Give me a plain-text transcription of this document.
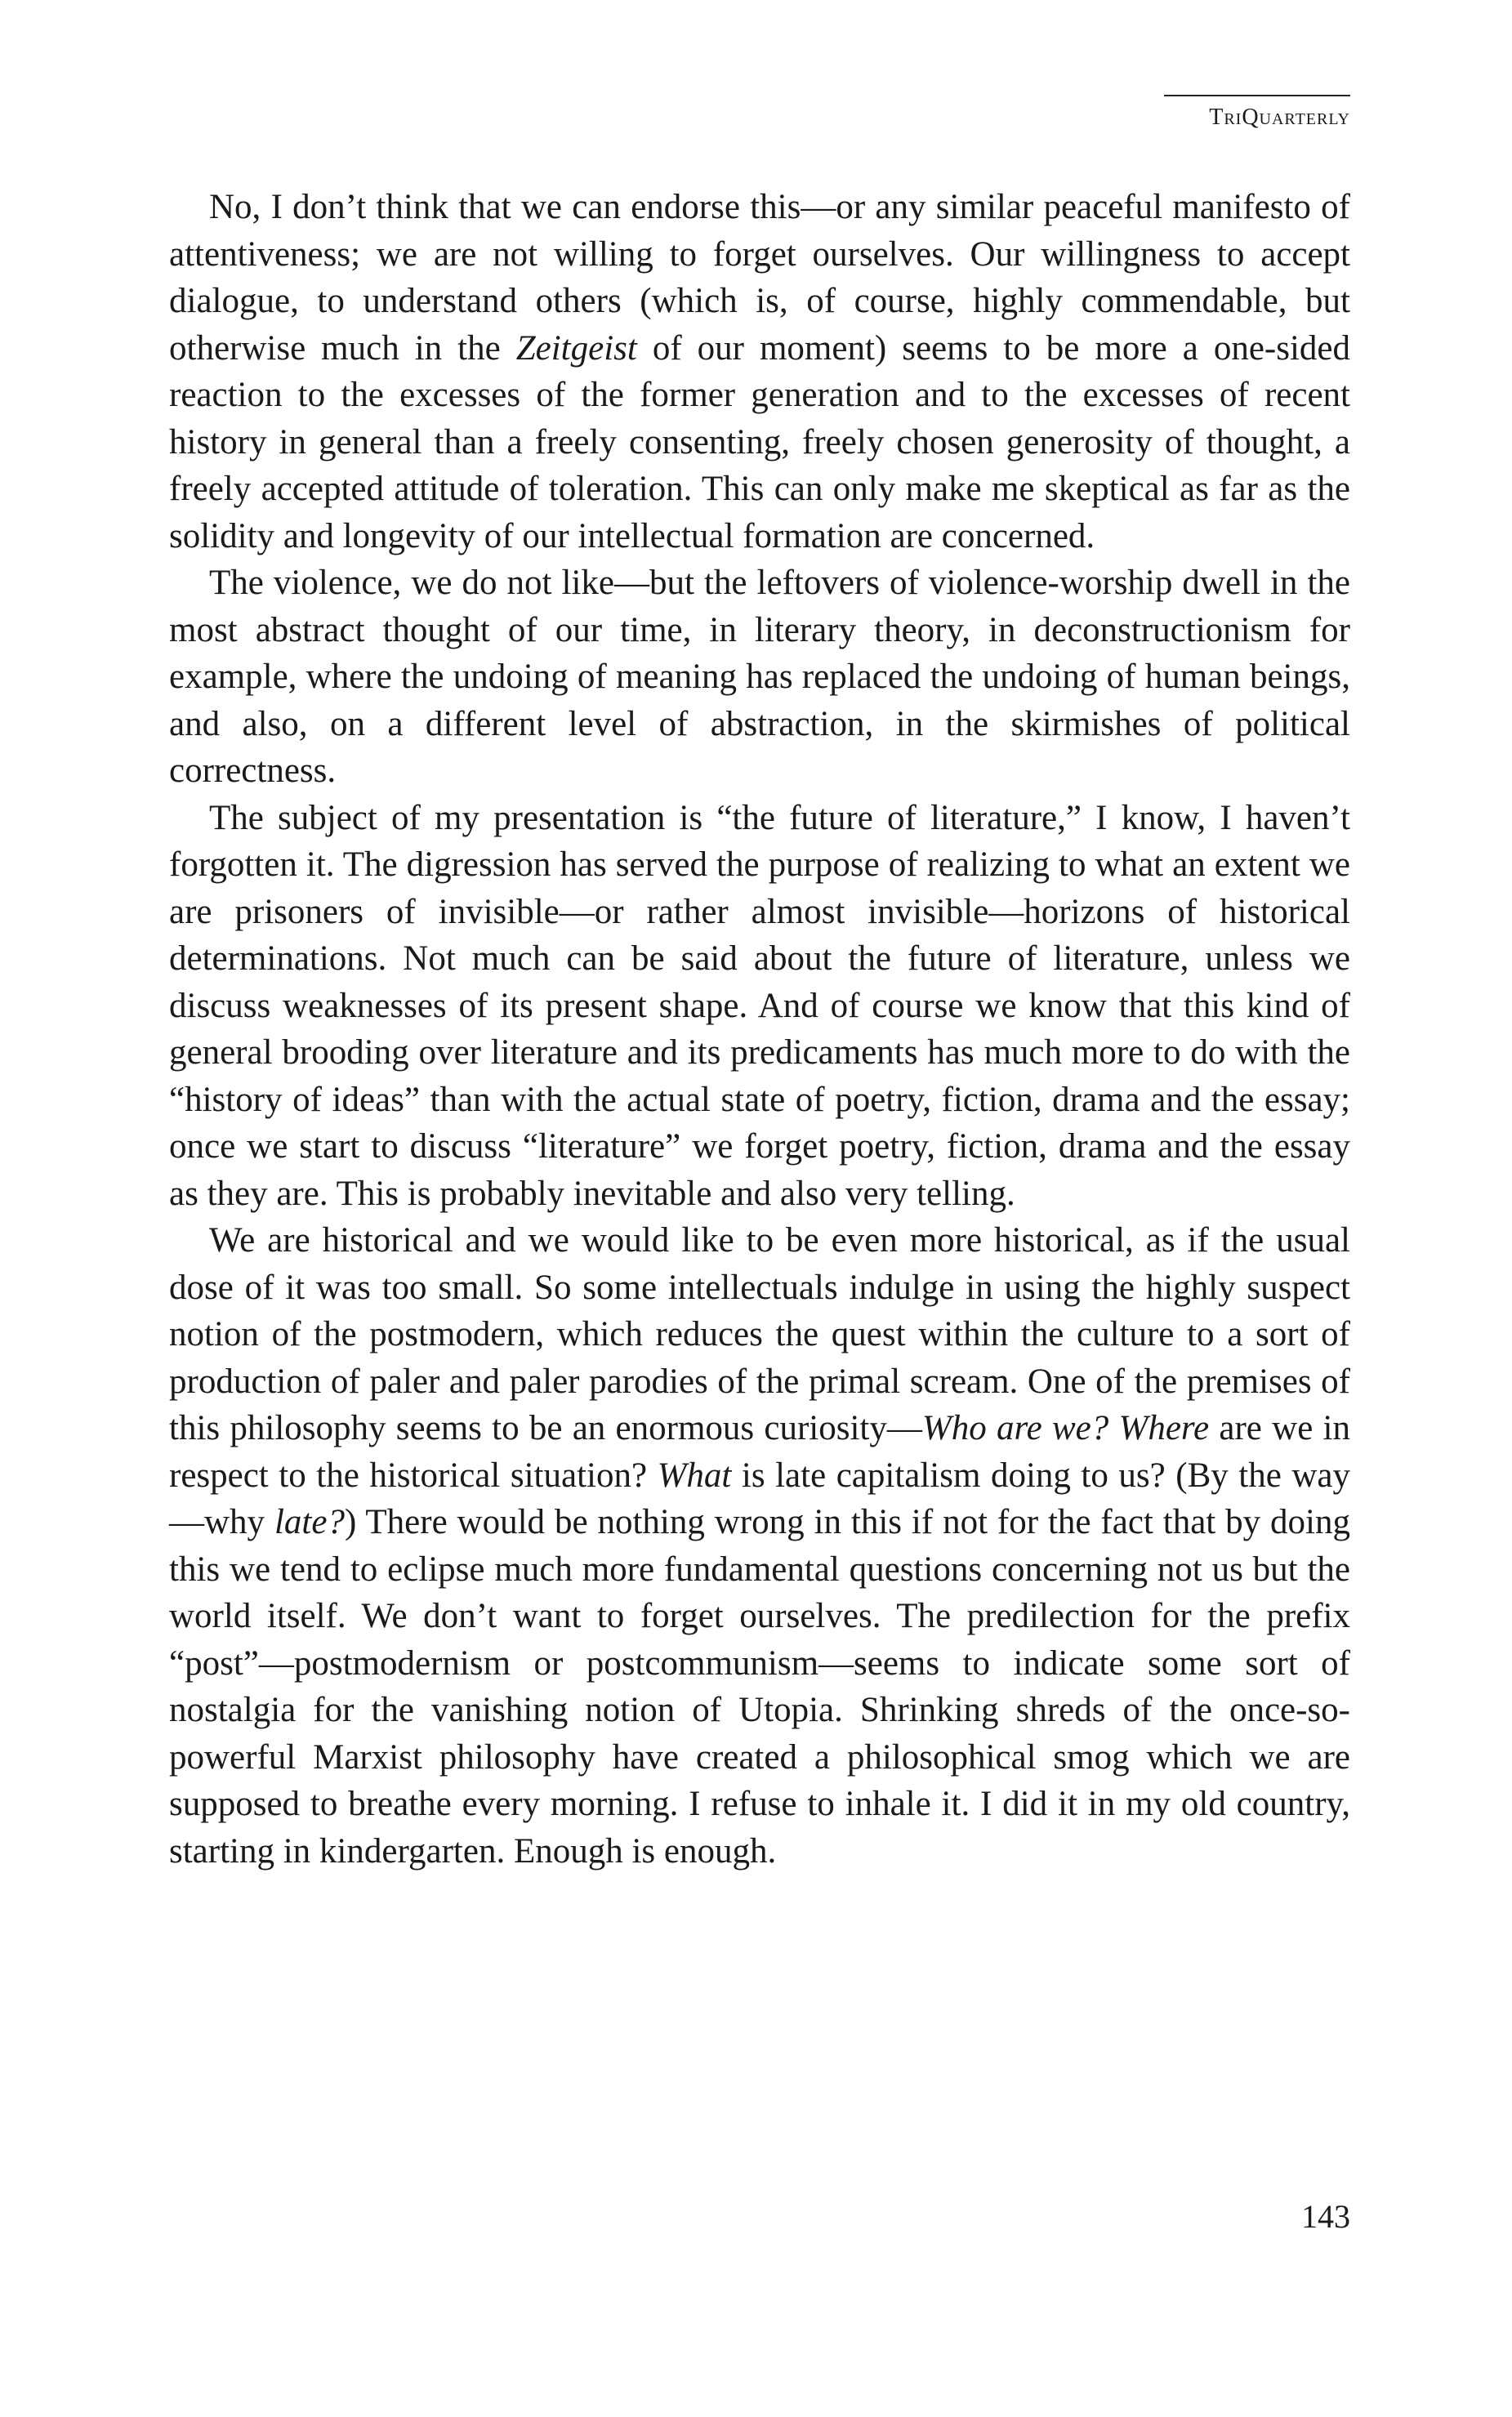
TriQuarterly

No, I don’t think that we can endorse this—or any similar peaceful manifesto of attentiveness; we are not willing to forget ourselves. Our willingness to accept dialogue, to understand others (which is, of course, highly commendable, but otherwise much in the Zeitgeist of our moment) seems to be more a one-sided reaction to the excesses of the former generation and to the excesses of recent history in general than a freely consenting, freely chosen generosity of thought, a freely accepted attitude of toleration. This can only make me skeptical as far as the solidity and longevity of our intellectual formation are concerned.

The violence, we do not like—but the leftovers of violence-worship dwell in the most abstract thought of our time, in literary theory, in deconstructionism for example, where the undoing of meaning has replaced the undoing of human beings, and also, on a different level of abstraction, in the skirmishes of political correctness.

The subject of my presentation is “the future of literature,” I know, I haven’t forgotten it. The digression has served the purpose of realizing to what an extent we are prisoners of invisible—or rather almost invisible—horizons of historical determinations. Not much can be said about the future of literature, unless we discuss weaknesses of its present shape. And of course we know that this kind of general brooding over literature and its predicaments has much more to do with the “history of ideas” than with the actual state of poetry, fiction, drama and the essay; once we start to discuss “literature” we forget poetry, fiction, drama and the essay as they are. This is probably inevitable and also very telling.

We are historical and we would like to be even more historical, as if the usual dose of it was too small. So some intellectuals indulge in using the highly suspect notion of the postmodern, which reduces the quest within the culture to a sort of production of paler and paler parodies of the primal scream. One of the premises of this philosophy seems to be an enormous curiosity—Who are we? Where are we in respect to the historical situation? What is late capitalism doing to us? (By the way—why late?) There would be nothing wrong in this if not for the fact that by doing this we tend to eclipse much more fundamental questions concerning not us but the world itself. We don’t want to forget ourselves. The predilection for the prefix “post”—postmodernism or postcommunism—seems to indicate some sort of nostalgia for the vanishing notion of Utopia. Shrinking shreds of the once-so-powerful Marxist philosophy have created a philosophical smog which we are supposed to breathe every morning. I refuse to inhale it. I did it in my old country, starting in kindergarten. Enough is enough.

143
